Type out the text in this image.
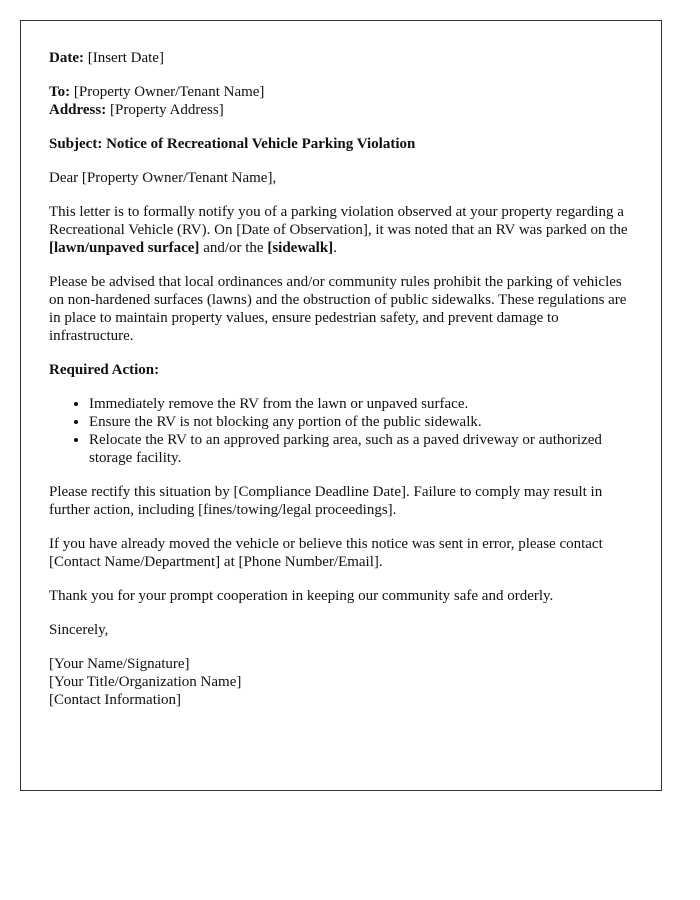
Date: [Insert Date]

To: [Property Owner/Tenant Name]
Address: [Property Address]

Subject: Notice of Recreational Vehicle Parking Violation

Dear [Property Owner/Tenant Name],

This letter is to formally notify you of a parking violation observed at your property regarding a Recreational Vehicle (RV). On [Date of Observation], it was noted that an RV was parked on the [lawn/unpaved surface] and/or the [sidewalk].

Please be advised that local ordinances and/or community rules prohibit the parking of vehicles on non-hardened surfaces (lawns) and the obstruction of public sidewalks. These regulations are in place to maintain property values, ensure pedestrian safety, and prevent damage to infrastructure.

Required Action:

• Immediately remove the RV from the lawn or unpaved surface.
• Ensure the RV is not blocking any portion of the public sidewalk.
• Relocate the RV to an approved parking area, such as a paved driveway or authorized storage facility.

Please rectify this situation by [Compliance Deadline Date]. Failure to comply may result in further action, including [fines/towing/legal proceedings].

If you have already moved the vehicle or believe this notice was sent in error, please contact [Contact Name/Department] at [Phone Number/Email].

Thank you for your prompt cooperation in keeping our community safe and orderly.

Sincerely,

[Your Name/Signature]
[Your Title/Organization Name]
[Contact Information]
